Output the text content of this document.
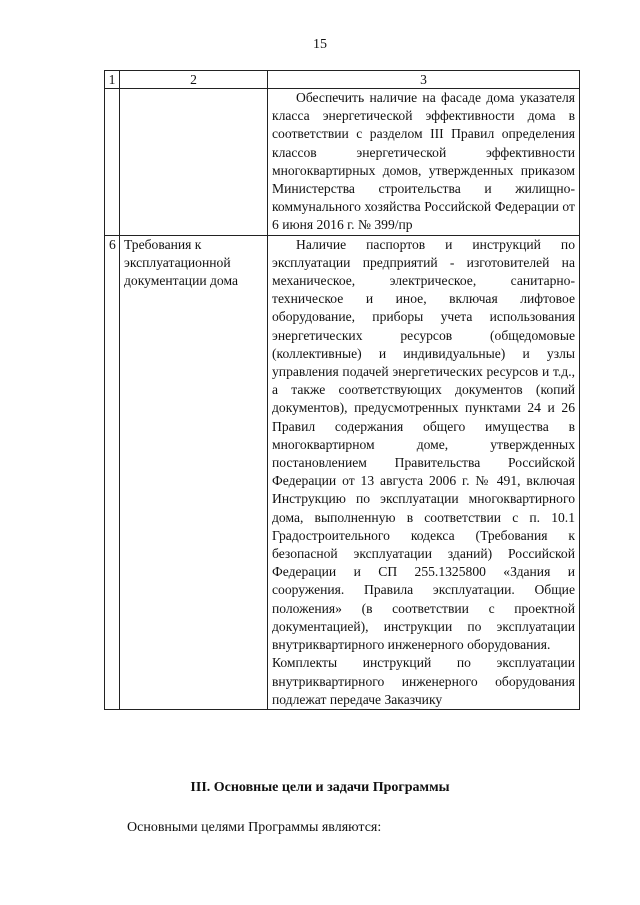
15
1	2	3
		Обеспечить наличие на фасаде дома указателя класса энергетической эффективности дома в соответствии с разделом III Правил определения классов энергетической эффективности многоквартирных домов, утвержденных приказом Министерства строительства и жилищно-коммунального хозяйства Российской Федерации от 6 июня 2016 г. № 399/пр
6	Требования к эксплуатационной документации дома	Наличие паспортов и инструкций по эксплуатации предприятий - изготовителей на механическое, электрическое, санитарно-техническое и иное, включая лифтовое оборудование, приборы учета использования энергетических ресурсов (общедомовые (коллективные) и индивидуальные) и узлы управления подачей энергетических ресурсов и т.д., а также соответствующих документов (копий документов), предусмотренных пунктами 24 и 26 Правил содержания общего имущества в многоквартирном доме, утвержденных постановлением Правительства Российской Федерации от 13 августа 2006 г. № 491, включая Инструкцию по эксплуатации многоквартирного дома, выполненную в соответствии с п. 10.1 Градостроительного кодекса (Требования к безопасной эксплуатации зданий) Российской Федерации и СП 255.1325800 «Здания и сооружения. Правила эксплуатации. Общие положения» (в соответствии с проектной документацией), инструкции по эксплуатации внутриквартирного инженерного оборудования.
Комплекты инструкций по эксплуатации внутриквартирного инженерного оборудования подлежат передаче Заказчику
III. Основные цели и задачи Программы
Основными целями Программы являются:
